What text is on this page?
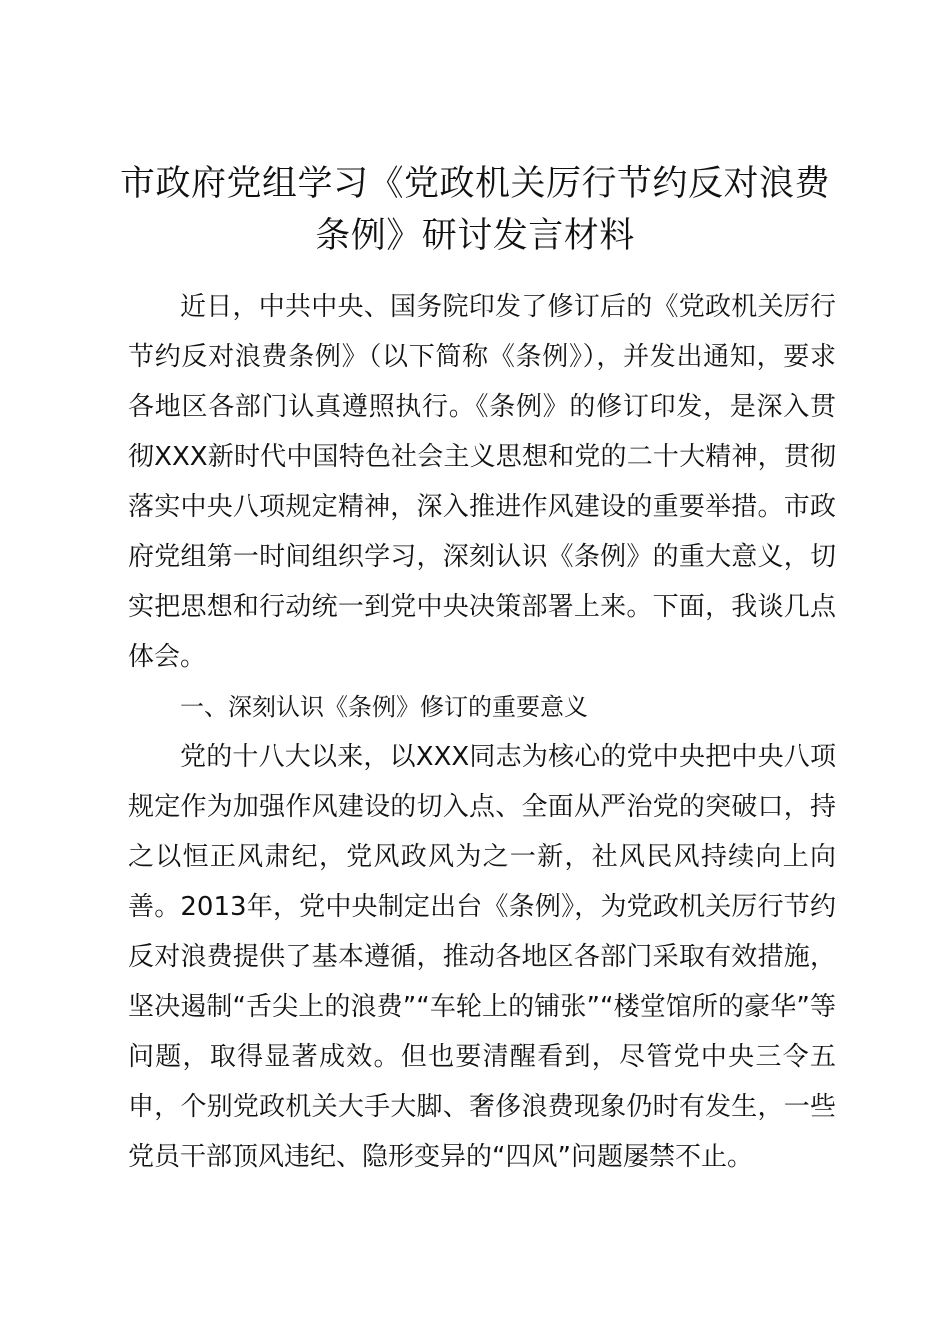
市政府党组学习《党政机关厉行节约反对浪费
条例》研讨发言材料

近日，中共中央、国务院印发了修订后的《党政机关厉行节约反对浪费条例》（以下简称《条例》），并发出通知，要求各地区各部门认真遵照执行。《条例》的修订印发，是深入贯彻XXX新时代中国特色社会主义思想和党的二十大精神，贯彻落实中央八项规定精神，深入推进作风建设的重要举措。市政府党组第一时间组织学习，深刻认识《条例》的重大意义，切实把思想和行动统一到党中央决策部署上来。下面，我谈几点体会。

一、深刻认识《条例》修订的重要意义

党的十八大以来，以XXX同志为核心的党中央把中央八项规定作为加强作风建设的切入点、全面从严治党的突破口，持之以恒正风肃纪，党风政风为之一新，社风民风持续向上向善。2013年，党中央制定出台《条例》，为党政机关厉行节约反对浪费提供了基本遵循，推动各地区各部门采取有效措施，坚决遏制“舌尖上的浪费”“车轮上的铺张”“楼堂馆所的豪华”等问题，取得显著成效。但也要清醒看到，尽管党中央三令五申，个别党政机关大手大脚、奢侈浪费现象仍时有发生，一些党员干部顶风违纪、隐形变异的“四风”问题屡禁不止。
